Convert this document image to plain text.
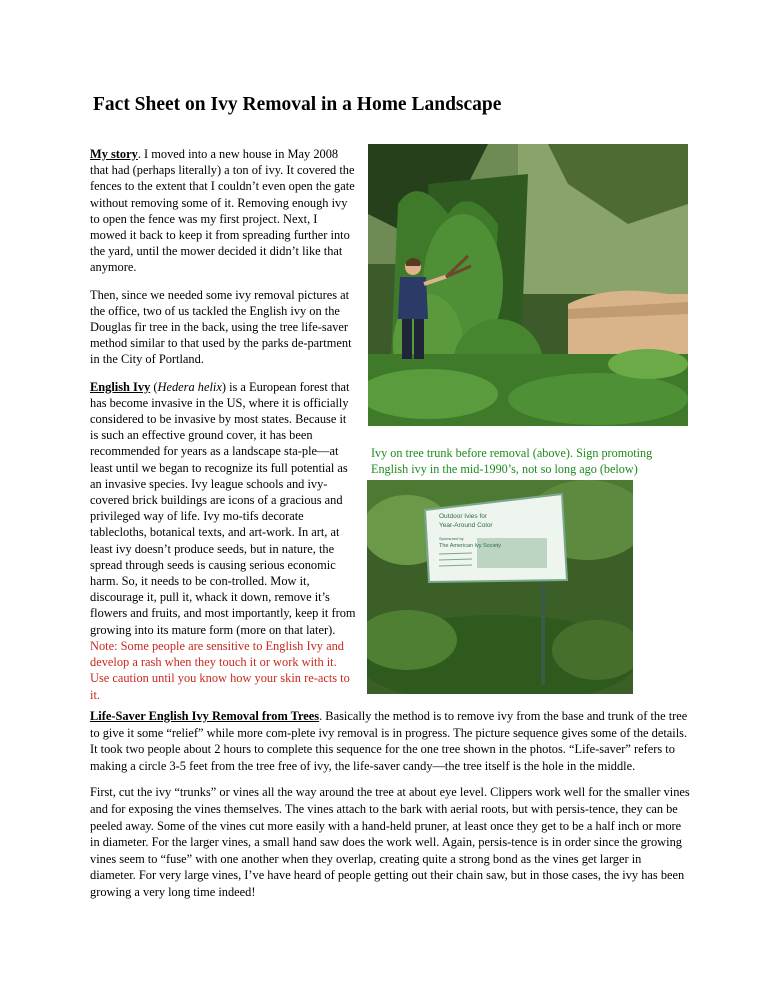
Fact Sheet on Ivy Removal in a Home Landscape

My story. I moved into a new house in May 2008 that had (perhaps literally) a ton of ivy. It covered the fences to the extent that I couldn’t even open the gate without removing some of it. Removing enough ivy to open the fence was my first project. Next, I mowed it back to keep it from spreading further into the yard, until the mower decided it didn’t like that anymore.

Then, since we needed some ivy removal pictures at the office, two of us tackled the English ivy on the Douglas fir tree in the back, using the tree life-saver method similar to that used by the parks de-partment in the City of Portland.

English Ivy (Hedera helix) is a European forest that has become invasive in the US, where it is officially considered to be invasive by most states. Because it is such an effective ground cover, it has been recommended for years as a landscape sta-ple—at least until we began to recognize its full potential as an invasive species. Ivy league schools and ivy-covered brick buildings are icons of a gracious and privileged way of life. Ivy mo-tifs decorate tablecloths, botanical texts, and art-work. In art, at least ivy doesn’t produce seeds, but in nature, the spread through seeds is causing serious economic harm. So, it needs to be con-trolled. Mow it, discourage it, pull it, whack it down, remove it’s flowers and fruits, and most importantly, keep it from growing into its mature form (more on that later).
Note: Some people are sensitive to English Ivy and develop a rash when they touch it or work with it. Use caution until you know how your skin re-acts to it.

Ivy on tree trunk before removal (above). Sign promoting English ivy in the mid-1990’s, not so long ago (below)
Outdoor Ivies for
Year-Around Color
Sponsored by
The American Ivy Society

Life-Saver English Ivy Removal from Trees. Basically the method is to remove ivy from the base and trunk of the tree to give it some “relief” while more com-plete ivy removal is in progress. The picture sequence gives some of the details. It took two people about 2 hours to complete this sequence for the one tree shown in the photos. “Life-saver” refers to making a circle 3-5 feet from the tree free of ivy, the life-saver candy—the tree itself is the hole in the middle.

First, cut the ivy “trunks” or vines all the way around the tree at about eye level. Clippers work well for the smaller vines and for exposing the vines themselves. The vines attach to the bark with aerial roots, but with persis-tence, they can be peeled away. Some of the vines cut more easily with a hand-held pruner, at least once they get to be a half inch or more in diameter. For the larger vines, a small hand saw does the work well. Again, persis-tence is in order since the growing vines seem to “fuse” with one another when they overlap, creating quite a strong bond as the vines get larger in diameter. For very large vines, I’ve have heard of people getting out their chain saw, but in those cases, the ivy has been growing a very long time indeed!
